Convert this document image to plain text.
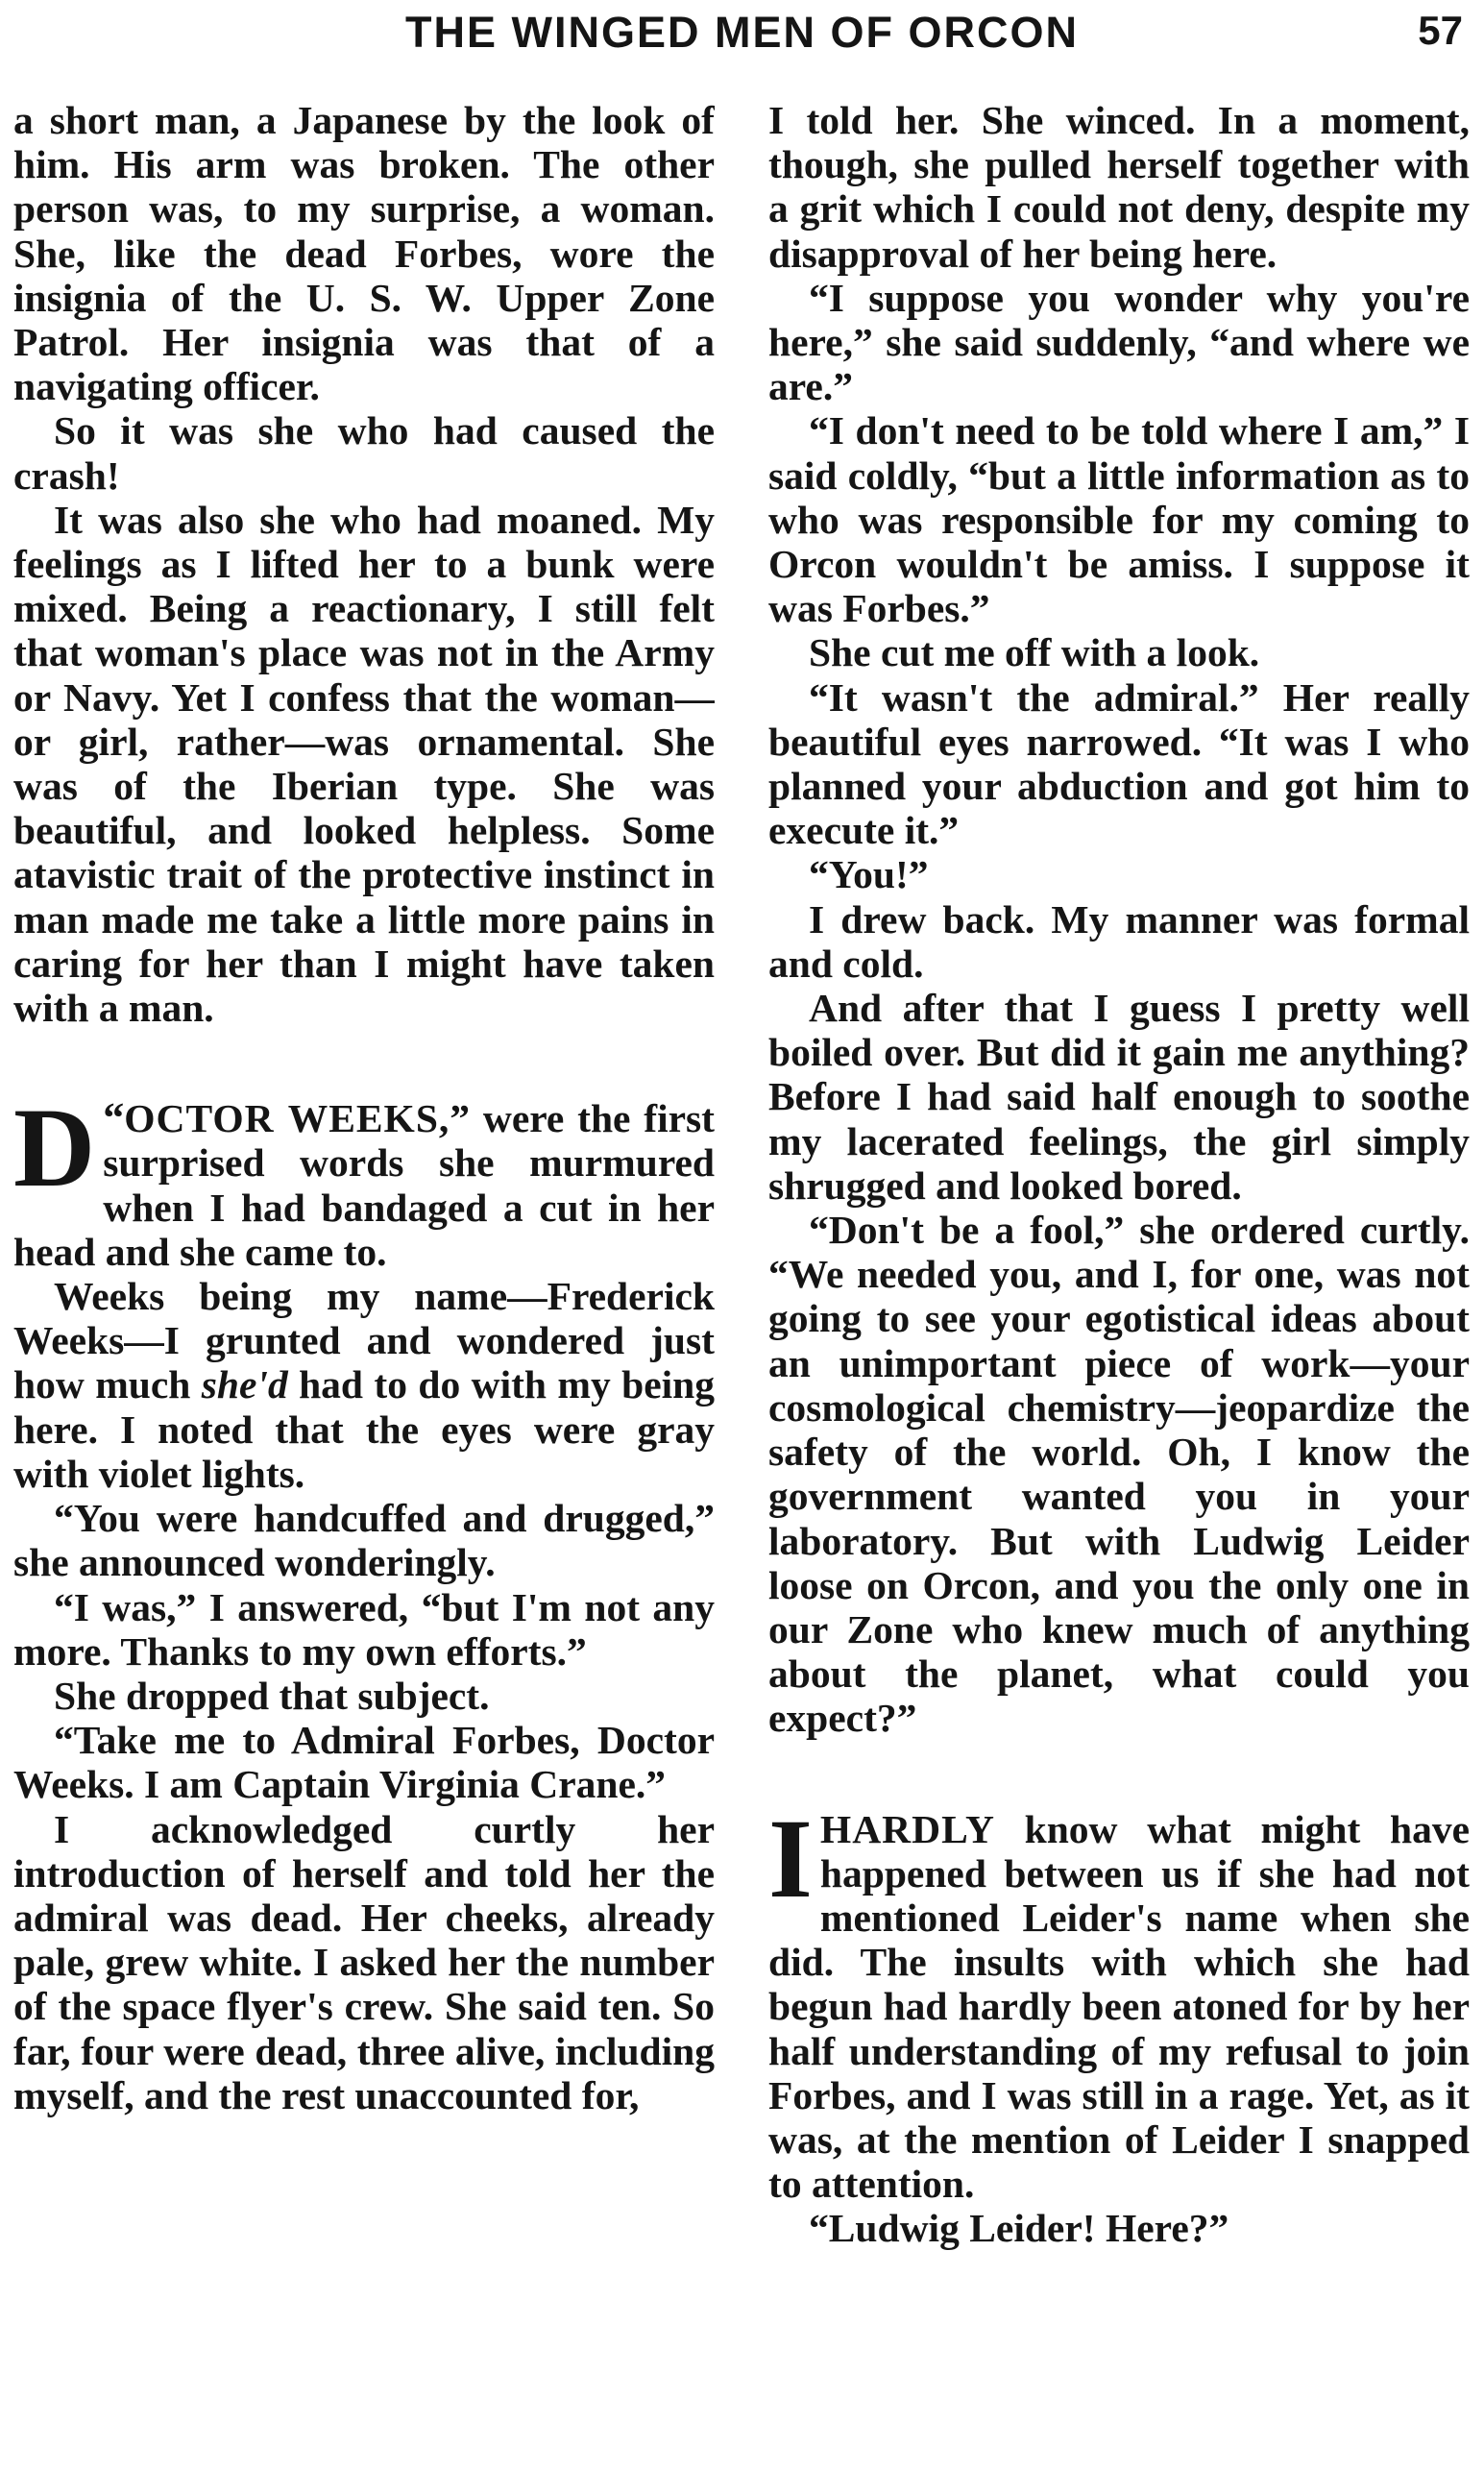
THE WINGED MEN OF ORCON	57

a short man, a Japanese by the look of him. His arm was broken. The other person was, to my surprise, a woman. She, like the dead Forbes, wore the insignia of the U. S. W. Upper Zone Patrol. Her insignia was that of a navigating officer.

So it was she who had caused the crash!

It was also she who had moaned. My feelings as I lifted her to a bunk were mixed. Being a reactionary, I still felt that woman's place was not in the Army or Navy. Yet I confess that the woman—or girl, rather—was ornamental. She was of the Iberian type. She was beautiful, and looked helpless. Some atavistic trait of the protective instinct in man made me take a little more pains in caring for her than I might have taken with a man.

“
D OCTOR WEEKS,” were the first surprised words she murmured when I had bandaged a cut in her head and she came to.

Weeks being my name—Frederick Weeks—I grunted and wondered just how much she'd had to do with my being here. I noted that the eyes were gray with violet lights.

“You were handcuffed and drugged,” she announced wonderingly.

“I was,” I answered, “but I'm not any more. Thanks to my own efforts.”

She dropped that subject.

“Take me to Admiral Forbes, Doctor Weeks. I am Captain Virginia Crane.”

I acknowledged curtly her introduction of herself and told her the admiral was dead. Her cheeks, already pale, grew white. I asked her the number of the space flyer's crew. She said ten. So far, four were dead, three alive, including myself, and the rest unaccounted for,

I told her. She winced. In a moment, though, she pulled herself together with a grit which I could not deny, despite my disapproval of her being here.

“I suppose you wonder why you're here,” she said suddenly, “and where we are.”

“I don't need to be told where I am,” I said coldly, “but a little information as to who was responsible for my coming to Orcon wouldn't be amiss. I suppose it was Forbes.”

She cut me off with a look.

“It wasn't the admiral.” Her really beautiful eyes narrowed. “It was I who planned your abduction and got him to execute it.”

“You!”

I drew back. My manner was formal and cold.

And after that I guess I pretty well boiled over. But did it gain me anything? Before I had said half enough to soothe my lacerated feelings, the girl simply shrugged and looked bored.

“Don't be a fool,” she ordered curtly. “We needed you, and I, for one, was not going to see your egotistical ideas about an unimportant piece of work—your cosmological chemistry—jeopardize the safety of the world. Oh, I know the government wanted you in your laboratory. But with Ludwig Leider loose on Orcon, and you the only one in our Zone who knew much of anything about the planet, what could you expect?”

I HARDLY know what might have happened between us if she had not mentioned Leider's name when she did. The insults with which she had begun had hardly been atoned for by her half understanding of my refusal to join Forbes, and I was still in a rage. Yet, as it was, at the mention of Leider I snapped to attention.

“Ludwig Leider! Here?”
